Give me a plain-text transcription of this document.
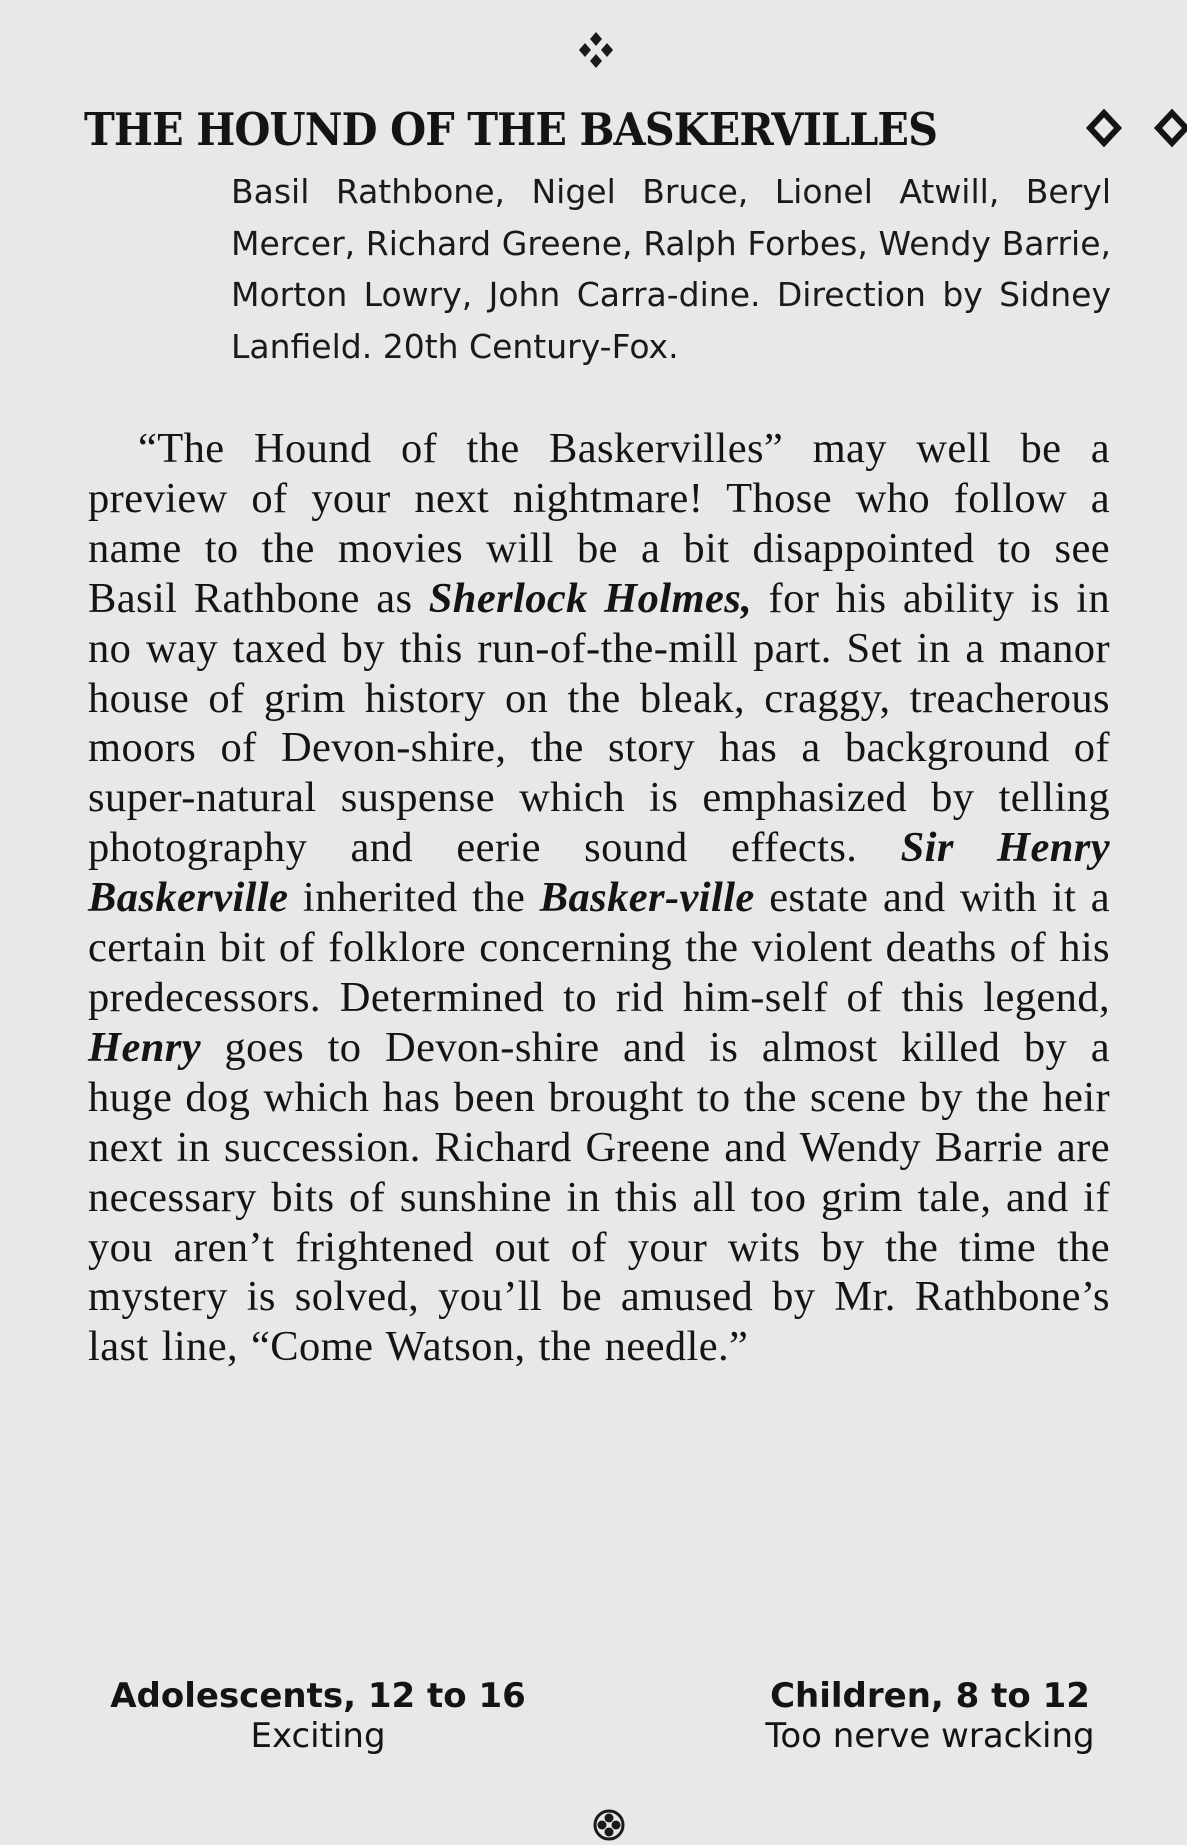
THE HOUND OF THE BASKERVILLES
Basil Rathbone, Nigel Bruce, Lionel Atwill, Beryl Mercer, Richard Greene, Ralph Forbes, Wendy Barrie, Morton Lowry, John Carra-dine. Direction by Sidney Lanfield. 20th Century-Fox.
“The Hound of the Baskervilles” may well be a preview of your next nightmare! Those who follow a name to the movies will be a bit disappointed to see Basil Rathbone as Sherlock Holmes, for his ability is in no way taxed by this run-of-the-mill part. Set in a manor house of grim history on the bleak, craggy, treacherous moors of Devon-shire, the story has a background of super-natural suspense which is emphasized by telling photography and eerie sound effects. Sir Henry Baskerville inherited the Basker-ville estate and with it a certain bit of folklore concerning the violent deaths of his predecessors. Determined to rid him-self of this legend, Henry goes to Devon-shire and is almost killed by a huge dog which has been brought to the scene by the heir next in succession. Richard Greene and Wendy Barrie are necessary bits of sunshine in this all too grim tale, and if you aren’t frightened out of your wits by the time the mystery is solved, you’ll be amused by Mr. Rathbone’s last line, “Come Watson, the needle.”
Adolescents, 12 to 16
Exciting
Children, 8 to 12
Too nerve wracking
